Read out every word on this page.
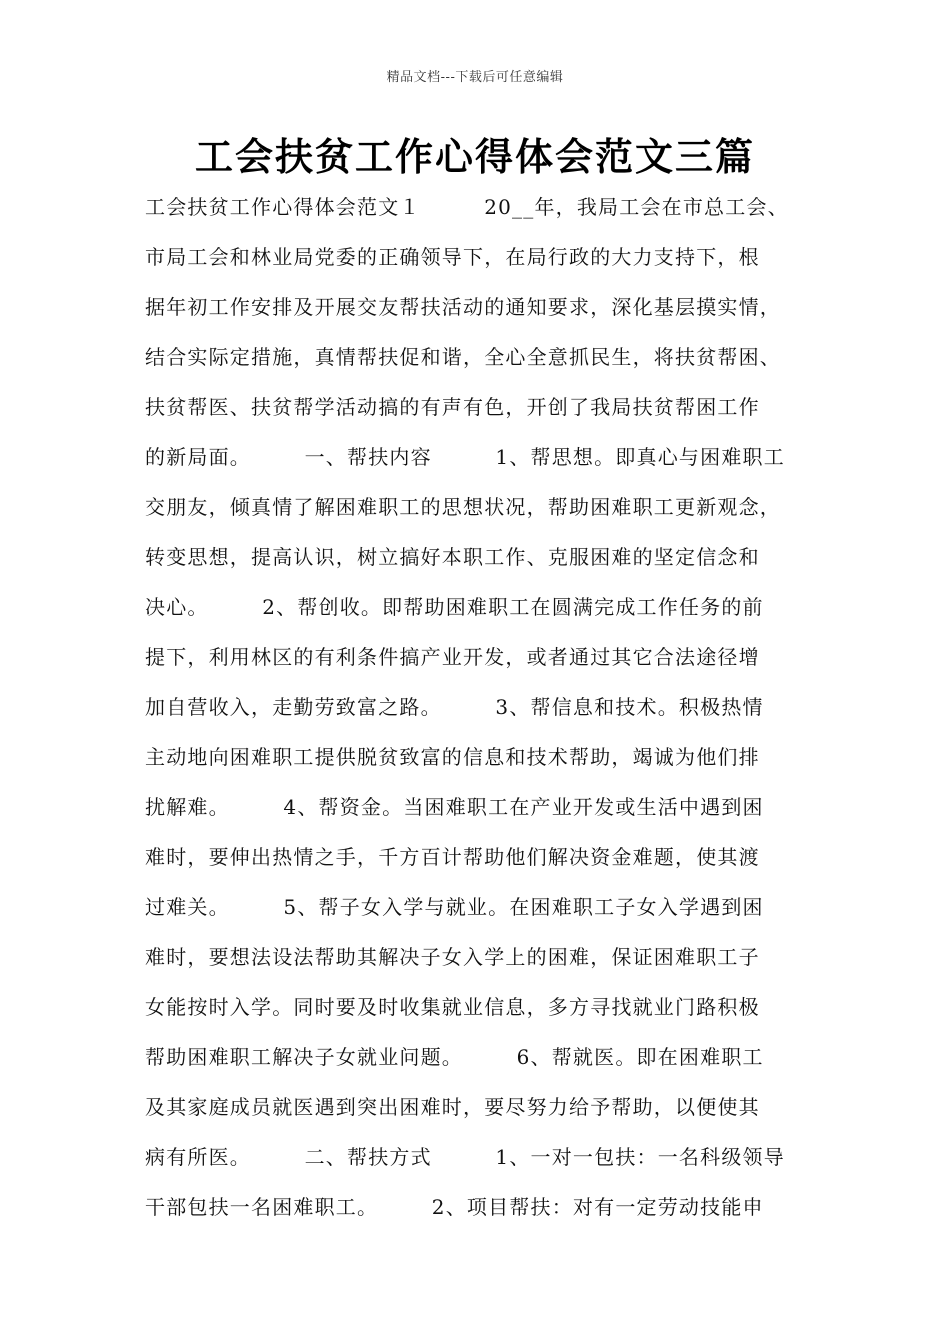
精品文档---下载后可任意编辑
工会扶贫工作心得体会范文三篇
工会扶贫工作心得体会范文１　　　20__年，我局工会在市总工会、
市局工会和林业局党委的正确领导下，在局行政的大力支持下，根
据年初工作安排及开展交友帮扶活动的通知要求，深化基层摸实情，
结合实际定措施，真情帮扶促和谐，全心全意抓民生，将扶贫帮困、
扶贫帮医、扶贫帮学活动搞的有声有色，开创了我局扶贫帮困工作
的新局面。　　　一、帮扶内容　　　1、帮思想。即真心与困难职工
交朋友，倾真情了解困难职工的思想状况，帮助困难职工更新观念，
转变思想，提高认识，树立搞好本职工作、克服困难的坚定信念和
决心。　　　2、帮创收。即帮助困难职工在圆满完成工作任务的前
提下，利用林区的有利条件搞产业开发，或者通过其它合法途径增
加自营收入，走勤劳致富之路。　　　3、帮信息和技术。积极热情
主动地向困难职工提供脱贫致富的信息和技术帮助，竭诚为他们排
扰解难。　　　4、帮资金。当困难职工在产业开发或生活中遇到困
难时，要伸出热情之手，千方百计帮助他们解决资金难题，使其渡
过难关。　　　5、帮子女入学与就业。在困难职工子女入学遇到困
难时，要想法设法帮助其解决子女入学上的困难，保证困难职工子
女能按时入学。同时要及时收集就业信息，多方寻找就业门路积极
帮助困难职工解决子女就业问题。　　　6、帮就医。即在困难职工
及其家庭成员就医遇到突出困难时，要尽努力给予帮助，以便使其
病有所医。　　　二、帮扶方式　　　1、一对一包扶：一名科级领导
干部包扶一名困难职工。　　　2、项目帮扶：对有一定劳动技能申
